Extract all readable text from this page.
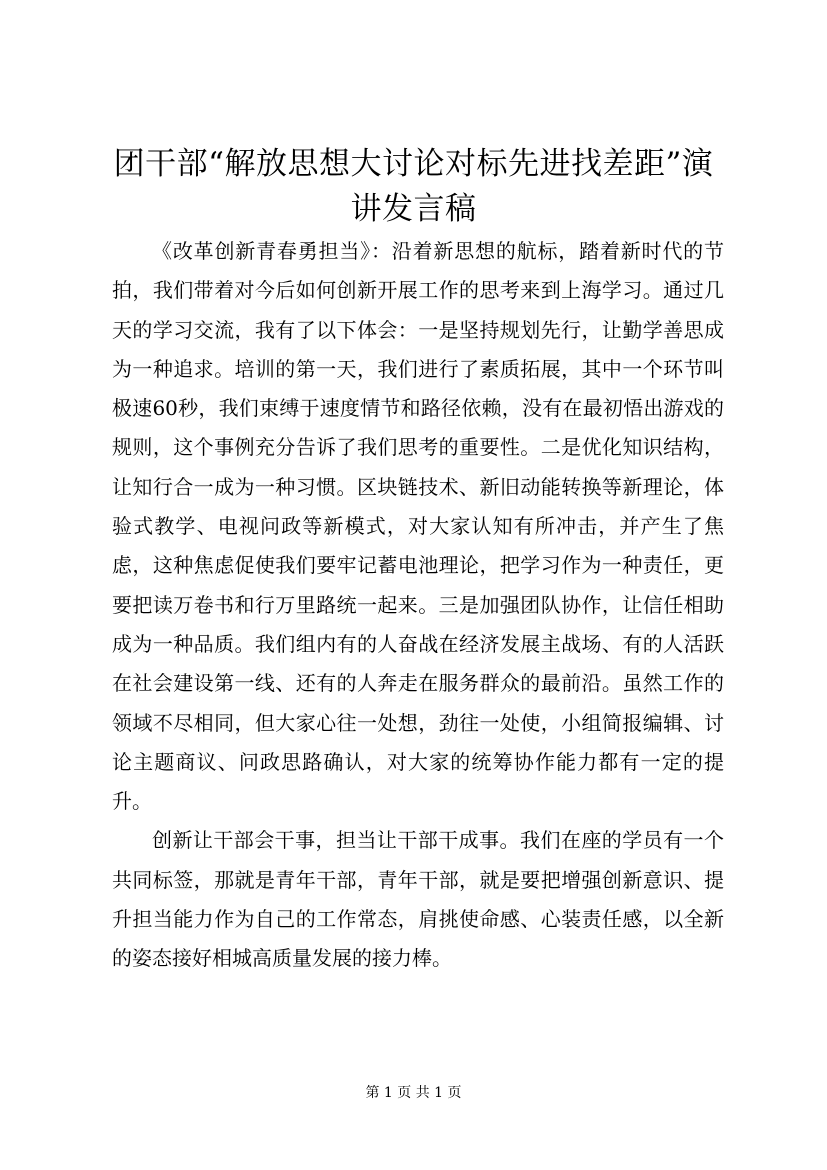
团干部“解放思想大讨论对标先进找差距”演讲发言稿

《改革创新青春勇担当》：沿着新思想的航标，踏着新时代的节拍，我们带着对今后如何创新开展工作的思考来到上海学习。通过几天的学习交流，我有了以下体会：一是坚持规划先行，让勤学善思成为一种追求。培训的第一天，我们进行了素质拓展，其中一个环节叫极速60秒，我们束缚于速度情节和路径依赖，没有在最初悟出游戏的规则，这个事例充分告诉了我们思考的重要性。二是优化知识结构，让知行合一成为一种习惯。区块链技术、新旧动能转换等新理论，体验式教学、电视问政等新模式，对大家认知有所冲击，并产生了焦虑，这种焦虑促使我们要牢记蓄电池理论，把学习作为一种责任，更要把读万卷书和行万里路统一起来。三是加强团队协作，让信任相助成为一种品质。我们组内有的人奋战在经济发展主战场、有的人活跃在社会建设第一线、还有的人奔走在服务群众的最前沿。虽然工作的领域不尽相同，但大家心往一处想，劲往一处使，小组简报编辑、讨论主题商议、问政思路确认，对大家的统筹协作能力都有一定的提升。

创新让干部会干事，担当让干部干成事。我们在座的学员有一个共同标签，那就是青年干部，青年干部，就是要把增强创新意识、提升担当能力作为自己的工作常态，肩挑使命感、心装责任感，以全新的姿态接好相城高质量发展的接力棒。

第 1 页 共 1 页
